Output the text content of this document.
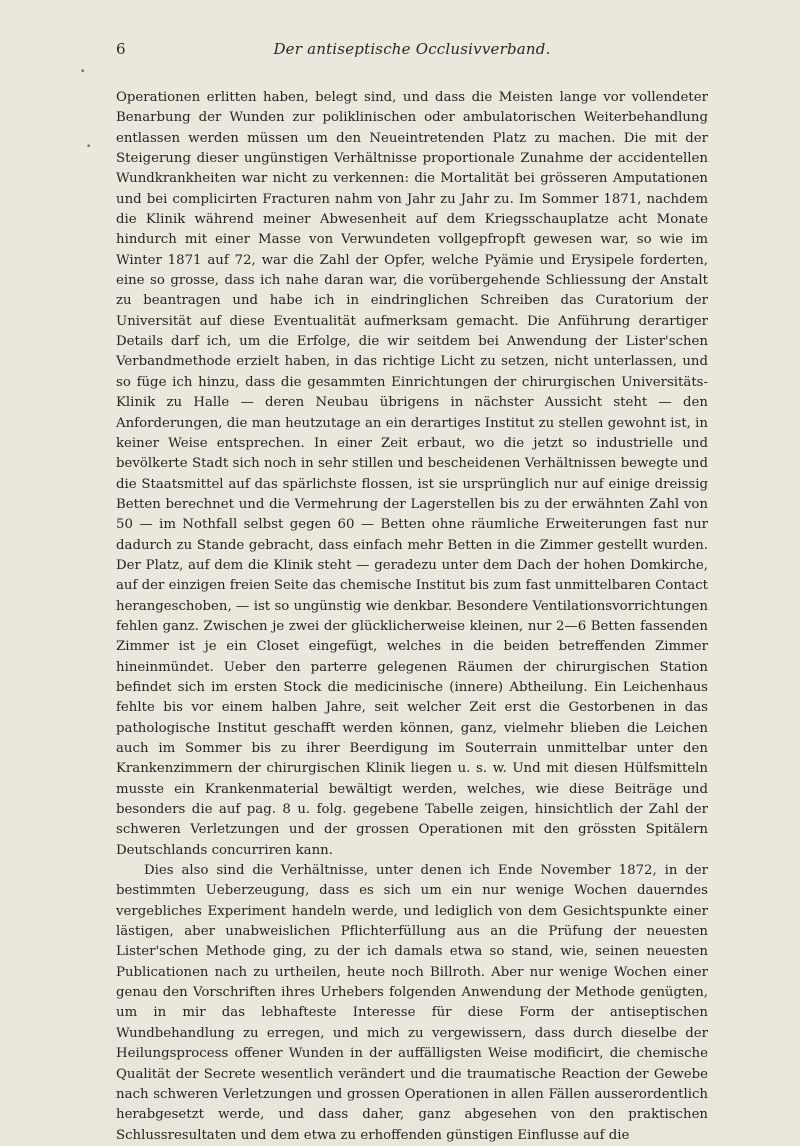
6	Der antiseptische Occlusivverband.

Operationen erlitten haben, belegt sind, und dass die Meisten lange vor vollendeter Benarbung der Wunden zur poliklinischen oder ambulatorischen Weiterbehandlung entlassen werden müssen um den Neueintretenden Platz zu machen. Die mit der Steigerung dieser ungünstigen Verhältnisse proportionale Zunahme der accidentellen Wundkrankheiten war nicht zu verkennen: die Mortalität bei grösseren Amputationen und bei complicirten Fracturen nahm von Jahr zu Jahr zu. Im Sommer 1871, nachdem die Klinik während meiner Abwesenheit auf dem Kriegsschauplatze acht Monate hindurch mit einer Masse von Verwundeten vollgepfropft gewesen war, so wie im Winter 1871 auf 72, war die Zahl der Opfer, welche Pyämie und Erysipele forderten, eine so grosse, dass ich nahe daran war, die vorübergehende Schliessung der Anstalt zu beantragen und habe ich in eindringlichen Schreiben das Curatorium der Universität auf diese Eventualität aufmerksam gemacht. Die Anführung derartiger Details darf ich, um die Erfolge, die wir seitdem bei Anwendung der Lister'schen Verbandmethode erzielt haben, in das richtige Licht zu setzen, nicht unterlassen, und so füge ich hinzu, dass die gesammten Einrichtungen der chirurgischen Universitäts-Klinik zu Halle — deren Neubau übrigens in nächster Aussicht steht — den Anforderungen, die man heutzutage an ein derartiges Institut zu stellen gewohnt ist, in keiner Weise entsprechen. In einer Zeit erbaut, wo die jetzt so industrielle und bevölkerte Stadt sich noch in sehr stillen und bescheidenen Verhältnissen bewegte und die Staatsmittel auf das spärlichste flossen, ist sie ursprünglich nur auf einige dreissig Betten berechnet und die Vermehrung der Lagerstellen bis zu der erwähnten Zahl von 50 — im Nothfall selbst gegen 60 — Betten ohne räumliche Erweiterungen fast nur dadurch zu Stande gebracht, dass einfach mehr Betten in die Zimmer gestellt wurden. Der Platz, auf dem die Klinik steht — geradezu unter dem Dach der hohen Domkirche, auf der einzigen freien Seite das chemische Institut bis zum fast unmittelbaren Contact herangeschoben, — ist so ungünstig wie denkbar. Besondere Ventilationsvorrichtungen fehlen ganz. Zwischen je zwei der glücklicherweise kleinen, nur 2—6 Betten fassenden Zimmer ist je ein Closet eingefügt, welches in die beiden betreffenden Zimmer hineinmündet. Ueber den parterre gelegenen Räumen der chirurgischen Station befindet sich im ersten Stock die medicinische (innere) Abtheilung. Ein Leichenhaus fehlte bis vor einem halben Jahre, seit welcher Zeit erst die Gestorbenen in das pathologische Institut geschafft werden können, ganz, vielmehr blieben die Leichen auch im Sommer bis zu ihrer Beerdigung im Souterrain unmittelbar unter den Krankenzimmern der chirurgischen Klinik liegen u. s. w. Und mit diesen Hülfsmitteln musste ein Krankenmaterial bewältigt werden, welches, wie diese Beiträge und besonders die auf pag. 8 u. folg. gegebene Tabelle zeigen, hinsichtlich der Zahl der schweren Verletzungen und der grossen Operationen mit den grössten Spitälern Deutschlands concurriren kann.

Dies also sind die Verhältnisse, unter denen ich Ende November 1872, in der bestimmten Ueberzeugung, dass es sich um ein nur wenige Wochen dauerndes vergebliches Experiment handeln werde, und lediglich von dem Gesichtspunkte einer lästigen, aber unabweislichen Pflichterfüllung aus an die Prüfung der neuesten Lister'schen Methode ging, zu der ich damals etwa so stand, wie, seinen neuesten Publicationen nach zu urtheilen, heute noch Billroth. Aber nur wenige Wochen einer genau den Vorschriften ihres Urhebers folgenden Anwendung der Methode genügten, um in mir das lebhafteste Interesse für diese Form der antiseptischen Wundbehandlung zu erregen, und mich zu vergewissern, dass durch dieselbe der Heilungsprocess offener Wunden in der auffälligsten Weise modificirt, die chemische Qualität der Secrete wesentlich verändert und die traumatische Reaction der Gewebe nach schweren Verletzungen und grossen Operationen in allen Fällen ausserordentlich herabgesetzt werde, und dass daher, ganz abgesehen von den praktischen Schlussresultaten und dem etwa zu erhoffenden günstigen Einflusse auf die

•
•
